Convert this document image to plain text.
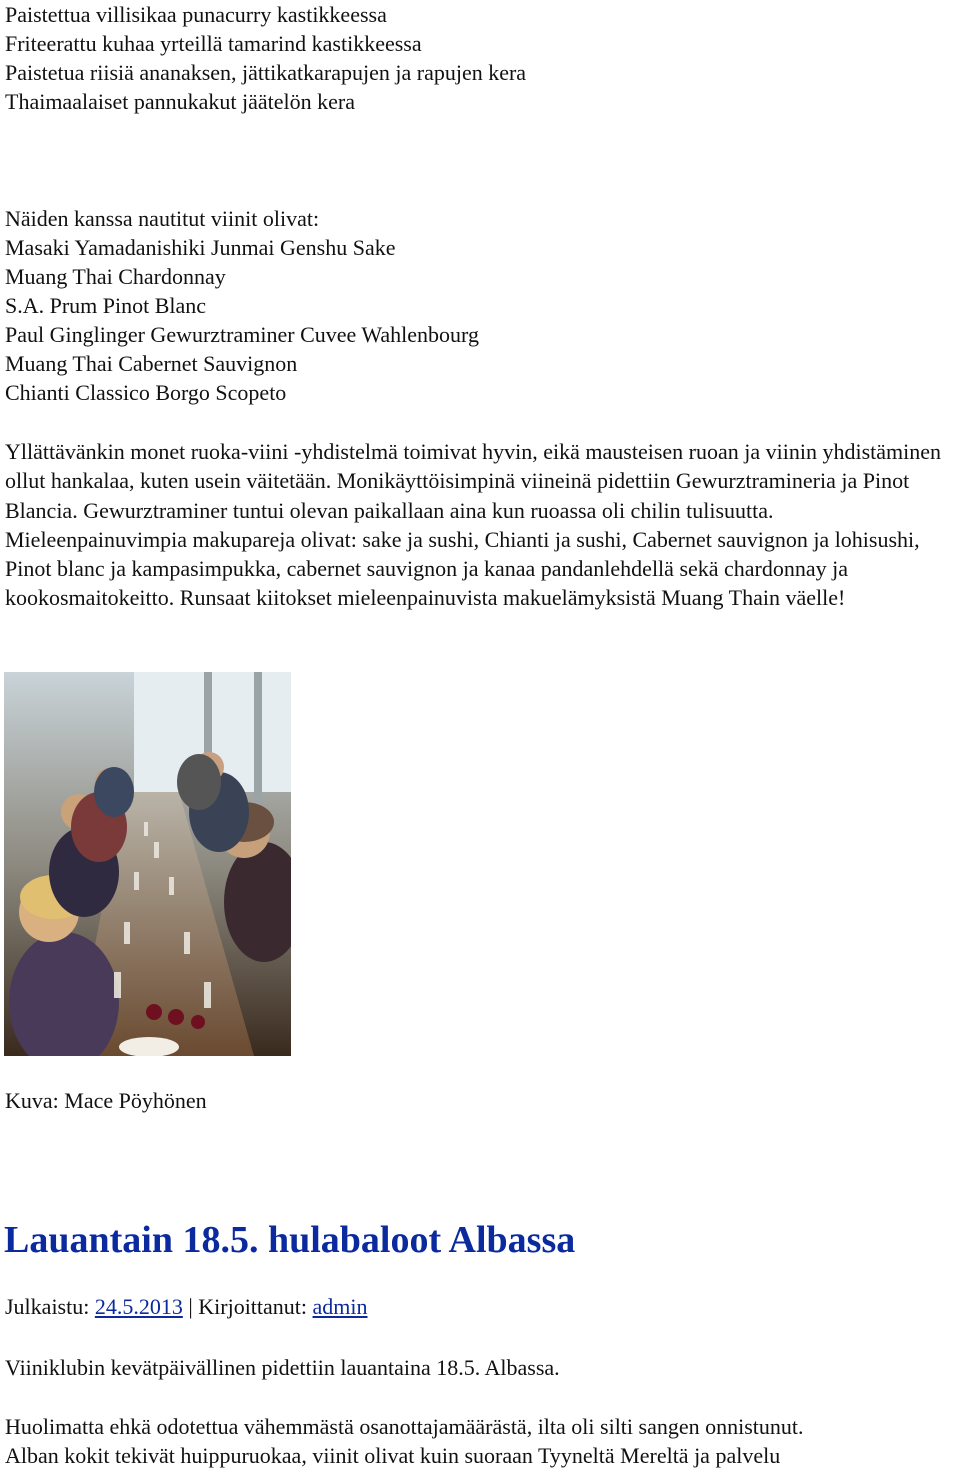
Paistettua villisikaa punacurry kastikkeessa
Friteerattu kuhaa yrteillä tamarind kastikkeessa
Paistetua riisiä ananaksen, jättikatkarapujen ja rapujen kera
Thaimaalaiset pannukakut jäätelön kera
Näiden kanssa nautitut viinit olivat:
Masaki Yamadanishiki Junmai Genshu Sake
Muang Thai Chardonnay
S.A. Prum Pinot Blanc
Paul Ginglinger Gewurztraminer Cuvee Wahlenbourg
Muang Thai Cabernet Sauvignon
Chianti Classico Borgo Scopeto

Yllättävänkin monet ruoka-viini -yhdistelmä toimivat hyvin, eikä mausteisen ruoan ja viinin yhdistäminen ollut hankalaa, kuten usein väitetään. Monikäyttöisimpinä viineinä pidettiin Gewurztramineria ja Pinot Blancia. Gewurztraminer tuntui olevan paikallaan aina kun ruoassa oli chilin tulisuutta. Mieleenpainuvimpia makupareja olivat: sake ja sushi, Chianti ja sushi, Cabernet sauvignon ja lohisushi, Pinot blanc ja kampasimpukka, cabernet sauvignon ja kanaa pandanlehdellä sekä chardonnay ja kookosmaitokeitto. Runsaat kiitokset mieleenpainuvista makuelämyksistä Muang Thain väelle!

Kuva: Mace Pöyhönen
Lauantain 18.5. hulabaloot Albassa
Julkaistu: 24.5.2013 | Kirjoittanut: admin
Viiniklubin kevätpäivällinen pidettiin lauantaina 18.5. Albassa.
Huolimatta ehkä odotettua vähemmästä osanottajamäärästä, ilta oli silti sangen onnistunut.
Alban kokit tekivät huippuruokaa, viinit olivat kuin suoraan Tyyneltä Mereltä ja palvelu
